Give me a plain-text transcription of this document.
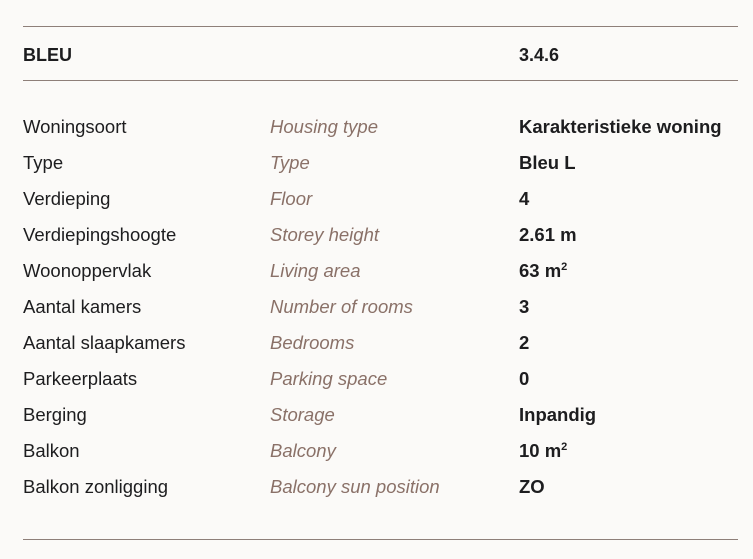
BLEU	3.4.6
Woningsoort	Housing type	Karakteristieke woning
Type	Type	Bleu L
Verdieping	Floor	4
Verdiepingshoogte	Storey height	2.61 m
Woonoppervlak	Living area	63 $m^2$
Aantal kamers	Number of rooms	3
Aantal slaapkamers	Bedrooms	2
Parkeerplaats	Parking space	0
Berging	Storage	Inpandig
Balkon	Balcony	10 $m^2$
Balkon zonligging	Balcony sun position	ZO
